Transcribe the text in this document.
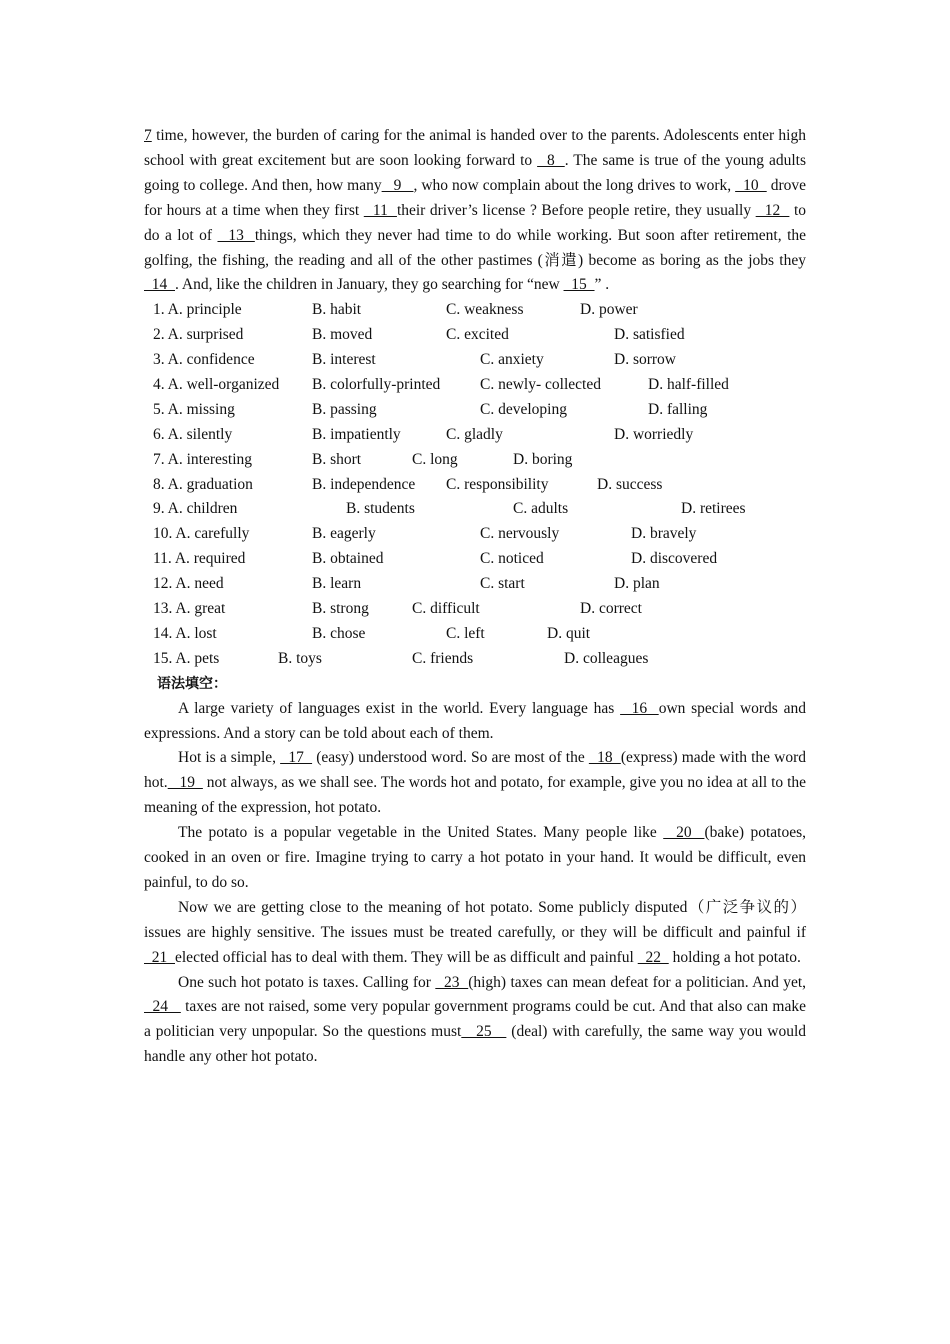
7 time, however, the burden of caring for the animal is handed over to the parents. Adolescents enter high school with great excitement but are soon looking forward to   8  . The same is true of the young adults going to college. And then, how many   9   , who now complain about the long drives to work,   10   drove for hours at a time when they first   11  their driver’s license ? Before people retire, they usually   12   to do a lot of   13  things, which they never had time to do while working. But soon after retirement, the golfing, the fishing, the reading and all of the other pastimes (消遣) become as boring as the jobs they  14  . And, like the children in January, they go searching for “new   15  ” .

1. A. principle	B. habit	C. weakness	D. power
2. A. surprised	B. moved	C. excited	D. satisfied
3. A. confidence	B. interest	C. anxiety	D. sorrow
4. A. well-organized B. colorfully-printed	C. newly- collected	D. half-filled
5. A. missing	B. passing	C. developing	D. falling
6. A. silently	B. impatiently	C. gladly	D. worriedly
7. A. interesting	B. short	C. long	D. boring
8. A. graduation	B. independence C. responsibility	D. success
9. A. children	B. students	C. adults	D. retirees
10. A. carefully	B. eagerly	C. nervously	D. bravely
11. A. required	B. obtained	C. noticed	D. discovered
12. A. need	B. learn	C. start	D. plan
13. A. great	B. strong	C. difficult	D. correct
14. A. lost	B. chose	C. left	D. quit
15. A. pets	B. toys	C. friends	D. colleagues

语法填空：

A large variety of languages exist in the world. Every language has   16  own special words and expressions. And a story can be told about each of them.

Hot is a simple,   17   (easy) understood word. So are most of the   18  (express) made with the word hot.   19   not always, as we shall see. The words hot and potato, for example, give you no idea at all to the meaning of the expression, hot potato.

The potato is a popular vegetable in the United States. Many people like   20  (bake) potatoes, cooked in an oven or fire. Imagine trying to carry a hot potato in your hand. It would be difficult, even painful, to do so.

Now we are getting close to the meaning of hot potato. Some publicly disputed（广泛争议的）issues are highly sensitive. The issues must be treated carefully, or they will be difficult and painful if   21  elected official has to deal with them. They will be as difficult and painful   22   holding a hot potato.

One such hot potato is taxes. Calling for   23  (high) taxes can mean defeat for a politician. And yet,   24    taxes are not raised, some very popular government programs could be cut. And that also can make a politician very unpopular. So the questions must   25    (deal) with carefully, the same way you would handle any other hot potato.
